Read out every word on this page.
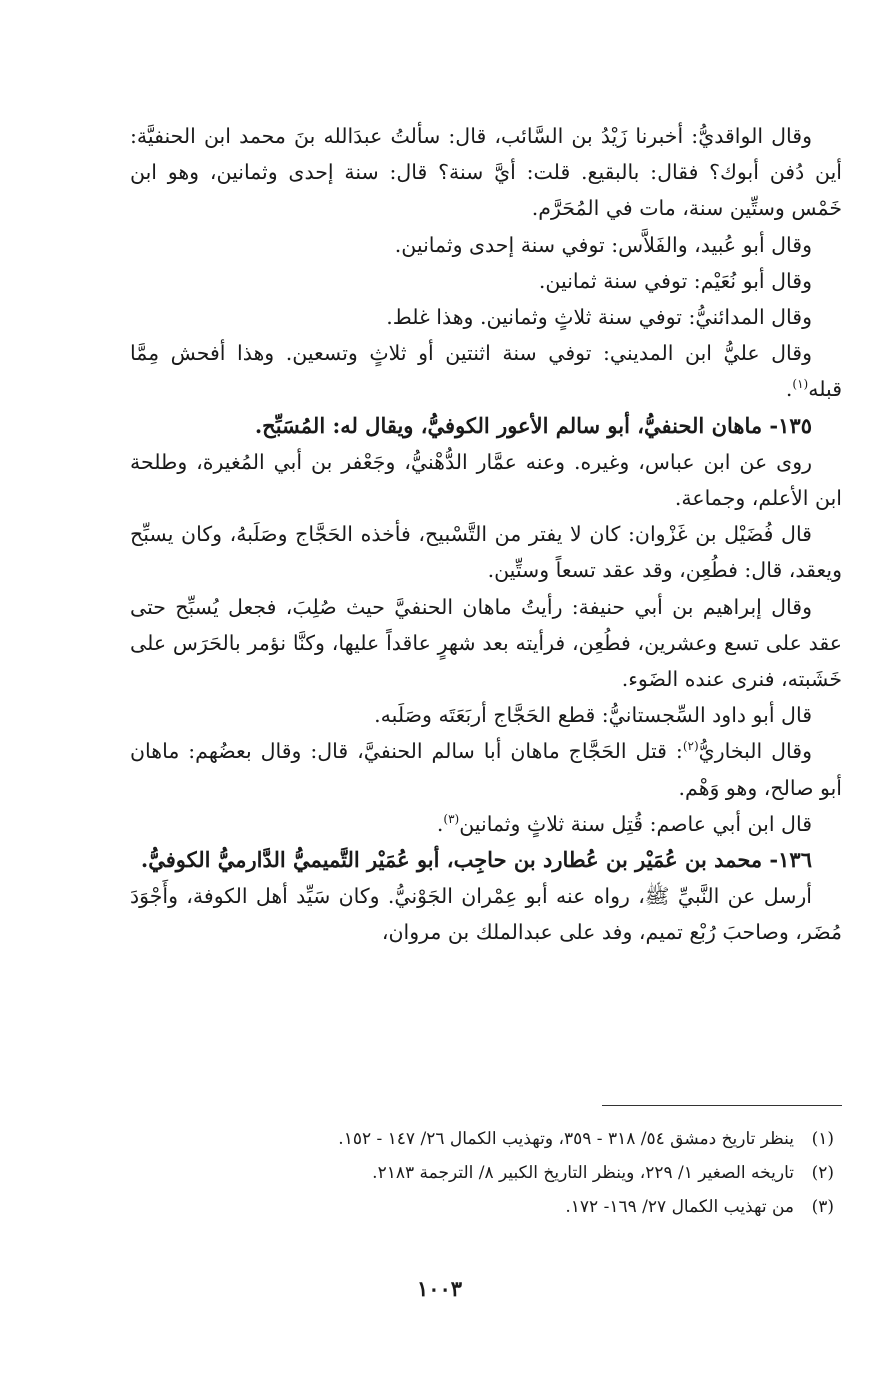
وقال الواقديُّ: أخبرنا زَيْدُ بن السَّائب، قال: سألتُ عبدَالله بنَ محمد ابن الحنفيَّة: أين دُفن أبوك؟ فقال: بالبقيع. قلت: أيَّ سنة؟ قال: سنة إحدى وثمانين، وهو ابن خَمْس وستِّين سنة، مات في المُحَرَّم.

وقال أبو عُبيد، والفَلاَّس: توفي سنة إحدى وثمانين.

وقال أبو نُعَيْم: توفي سنة ثمانين.

وقال المدائنيُّ: توفي سنة ثلاثٍ وثمانين. وهذا غلط.

وقال عليُّ ابن المديني: توفي سنة اثنتين أو ثلاثٍ وتسعين. وهذا أفحش مِمَّا قبله$^{(١)}$.

١٣٥- ماهان الحنفيُّ، أبو سالم الأعور الكوفيُّ، ويقال له: المُسَبِّح.

روى عن ابن عباس، وغيره. وعنه عمَّار الدُّهْنيُّ، وجَعْفر بن أبي المُغيرة، وطلحة ابن الأعلم، وجماعة.

قال فُضَيْل بن غَزْوان: كان لا يفتر من التَّسْبيح، فأخذه الحَجَّاج وصَلَبهُ، وكان يسبِّح ويعقد، قال: فطُعِن، وقد عقد تسعاً وستِّين.

وقال إبراهيم بن أبي حنيفة: رأيتُ ماهان الحنفيَّ حيث صُلِبَ، فجعل يُسبِّح حتى عقد على تسع وعشرين، فطُعِن، فرأيته بعد شهرٍ عاقداً عليها، وكنَّا نؤمر بالحَرَس على خَشَبته، فنرى عنده الضَوء.

قال أبو داود السِّجستانيُّ: قطع الحَجَّاج أربَعَتَه وصَلَبه.

وقال البخاريُّ$^{(٢)}$: قتل الحَجَّاج ماهان أبا سالم الحنفيَّ، قال: وقال بعضُهم: ماهان أبو صالح، وهو وَهْم.

قال ابن أبي عاصم: قُتِل سنة ثلاثٍ وثمانين$^{(٣)}$.

١٣٦- محمد بن عُمَيْر بن عُطارد بن حاجِب، أبو عُمَيْر التَّميميُّ الدَّارميُّ الكوفيُّ.

أرسل عن النَّبيِّ ﷺ، رواه عنه أبو عِمْران الجَوْنيُّ. وكان سَيِّد أهل الكوفة، وأَجْوَدَ مُضَر، وصاحبَ رُبْع تميم، وفد على عبدالملك بن مروان،

(١)ينظر تاريخ دمشق ٥٤/ ٣١٨ - ٣٥٩، وتهذيب الكمال ٢٦/ ١٤٧ - ١٥٢.

(٢)تاريخه الصغير ١/ ٢٢٩، وينظر التاريخ الكبير ٨/ الترجمة ٢١٨٣.

(٣)من تهذيب الكمال ٢٧/ ١٦٩- ١٧٢.

١٠٠٣
